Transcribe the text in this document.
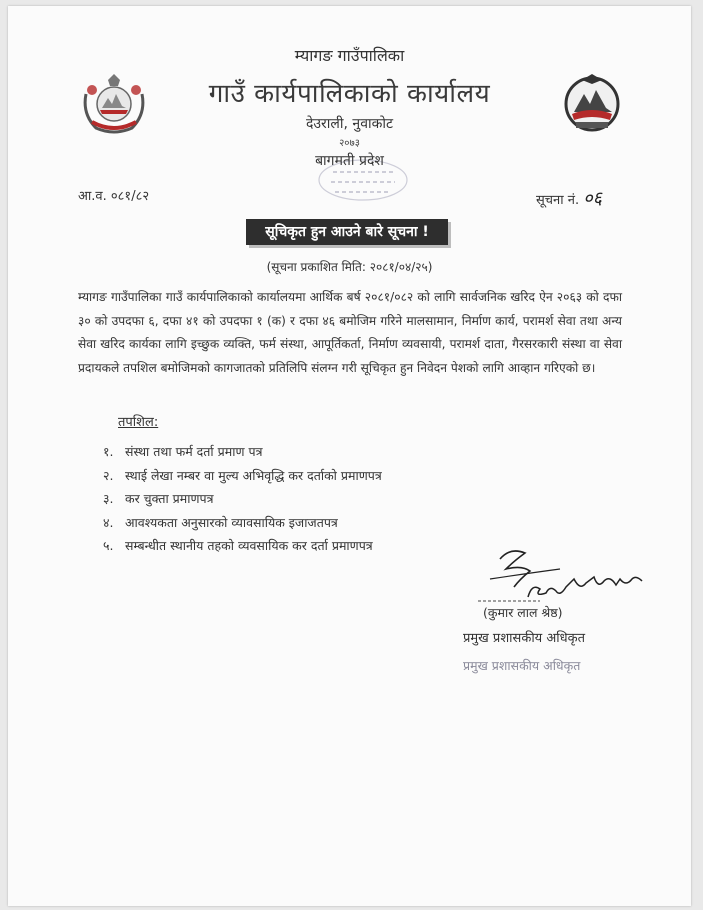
म्यागङ गाउँपालिका
गाउँ कार्यपालिकाको कार्यालय
देउराली, नुवाकोट
२०७३
बागमती प्रदेश
आ.व. ०८१/८२	सूचना नं. ०६
सूचिकृत हुन आउने बारे सूचना !
(सूचना प्रकाशित मिति: २०८१/०४/२५)
म्यागङ गाउँपालिका गाउँ कार्यपालिकाको कार्यालयमा आर्थिक बर्ष २०८१/०८२ को लागि सार्वजनिक खरिद ऐन २०६३ को दफा ३० को उपदफा ६, दफा ४१ को उपदफा १ (क) र दफा ४६ बमोजिम गरिने मालसामान, निर्माण कार्य, परामर्श सेवा तथा अन्य सेवा खरिद कार्यका लागि इच्छुक व्यक्ति, फर्म संस्था, आपूर्तिकर्ता, निर्माण व्यवसायी, परामर्श दाता, गैरसरकारी संस्था वा सेवा प्रदायकले तपशिल बमोजिमको कागजातको प्रतिलिपि संलग्न गरी सूचिकृत हुन निवेदन पेशको लागि आव्हान गरिएको छ।
तपशिल:
१. संस्था तथा फर्म दर्ता प्रमाण पत्र
२. स्थाई लेखा नम्बर वा मुल्य अभिवृद्धि कर दर्ताको प्रमाणपत्र
३. कर चुक्ता प्रमाणपत्र
४. आवश्यकता अनुसारको व्यावसायिक इजाजतपत्र
५. सम्बन्धीत स्थानीय तहको व्यवसायिक कर दर्ता प्रमाणपत्र
(कुमार लाल श्रेष्ठ)
प्रमुख प्रशासकीय अधिकृत
प्रमुख प्रशासकीय अधिकृत
